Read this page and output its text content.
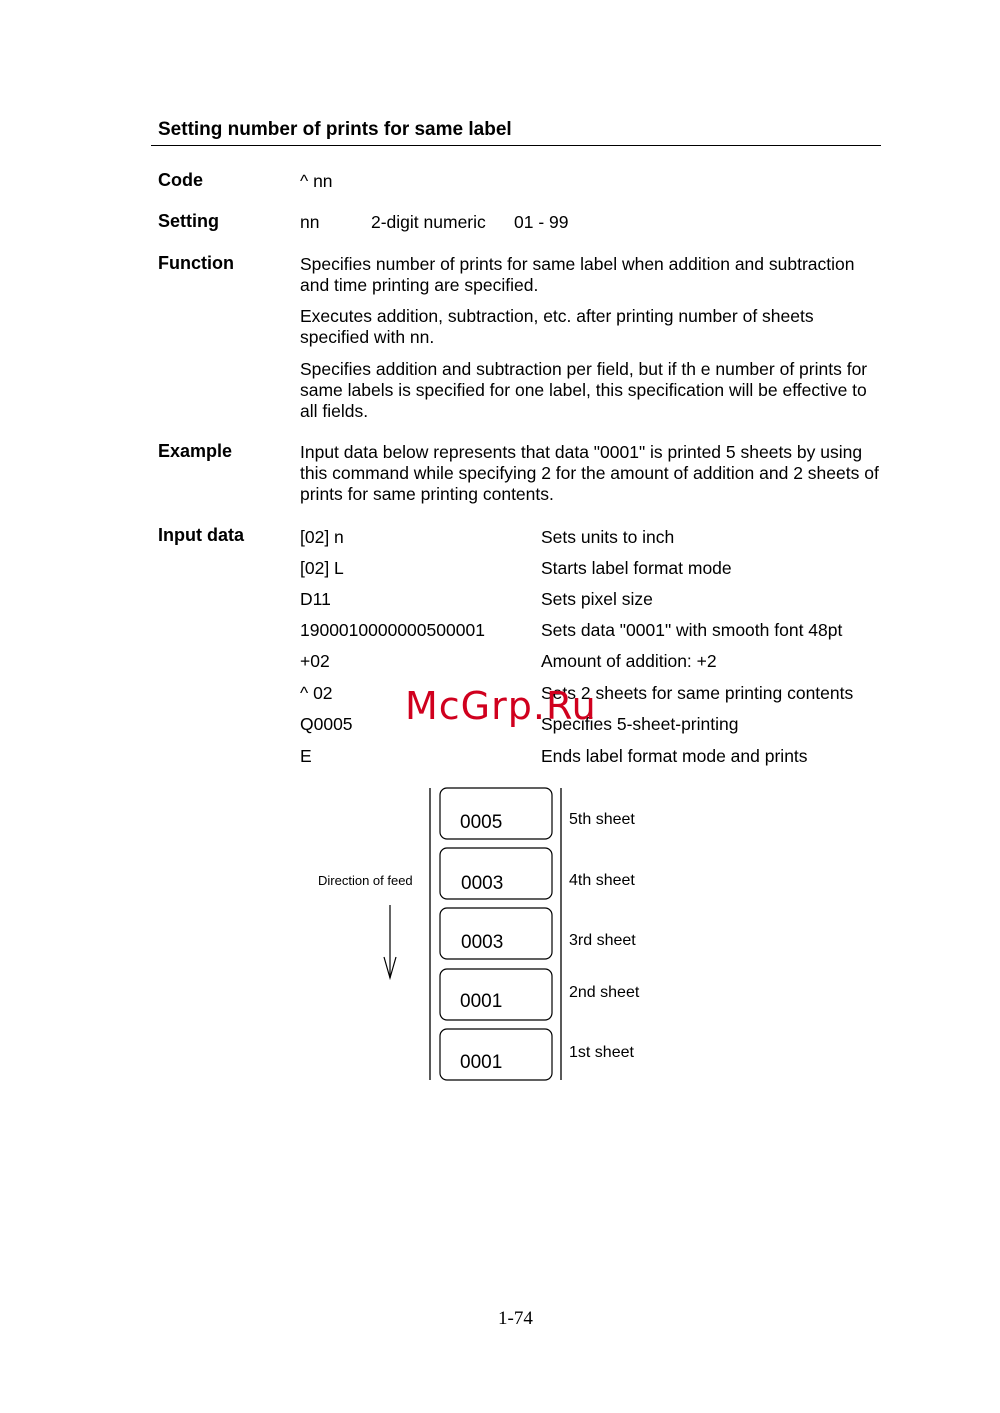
Setting number of prints for same label
Code	^ nn
Setting	nn	2-digit numeric 01 - 99
Function	Specifies number of prints for same label when addition and subtraction and time printing are specified.
Executes addition, subtraction, etc. after printing number of sheets specified with nn.
Specifies addition and subtraction per field, but if th e number of prints for same labels is specified for one label, this specification will be effective to all fields.
Example	Input data below represents that data "0001" is printed 5 sheets by using this command while specifying 2 for the amount of addition and 2 sheets of prints for same printing contents.
Input data	[02] n	Sets units to inch
[02] L	Starts label format mode
D11	Sets pixel size
1900010000000500001	Sets data "0001" with smooth font 48pt
+02	Amount of addition: +2
^ 02	Sets 2 sheets for same printing contents
Q0005	Specifies 5-sheet-printing
E	Ends label format mode and prints
McGrp.Ru
0005
0003
0003
0001
0001
5th sheet
4th sheet
3rd sheet
2nd sheet
1st sheet
Direction of feed
1-74
